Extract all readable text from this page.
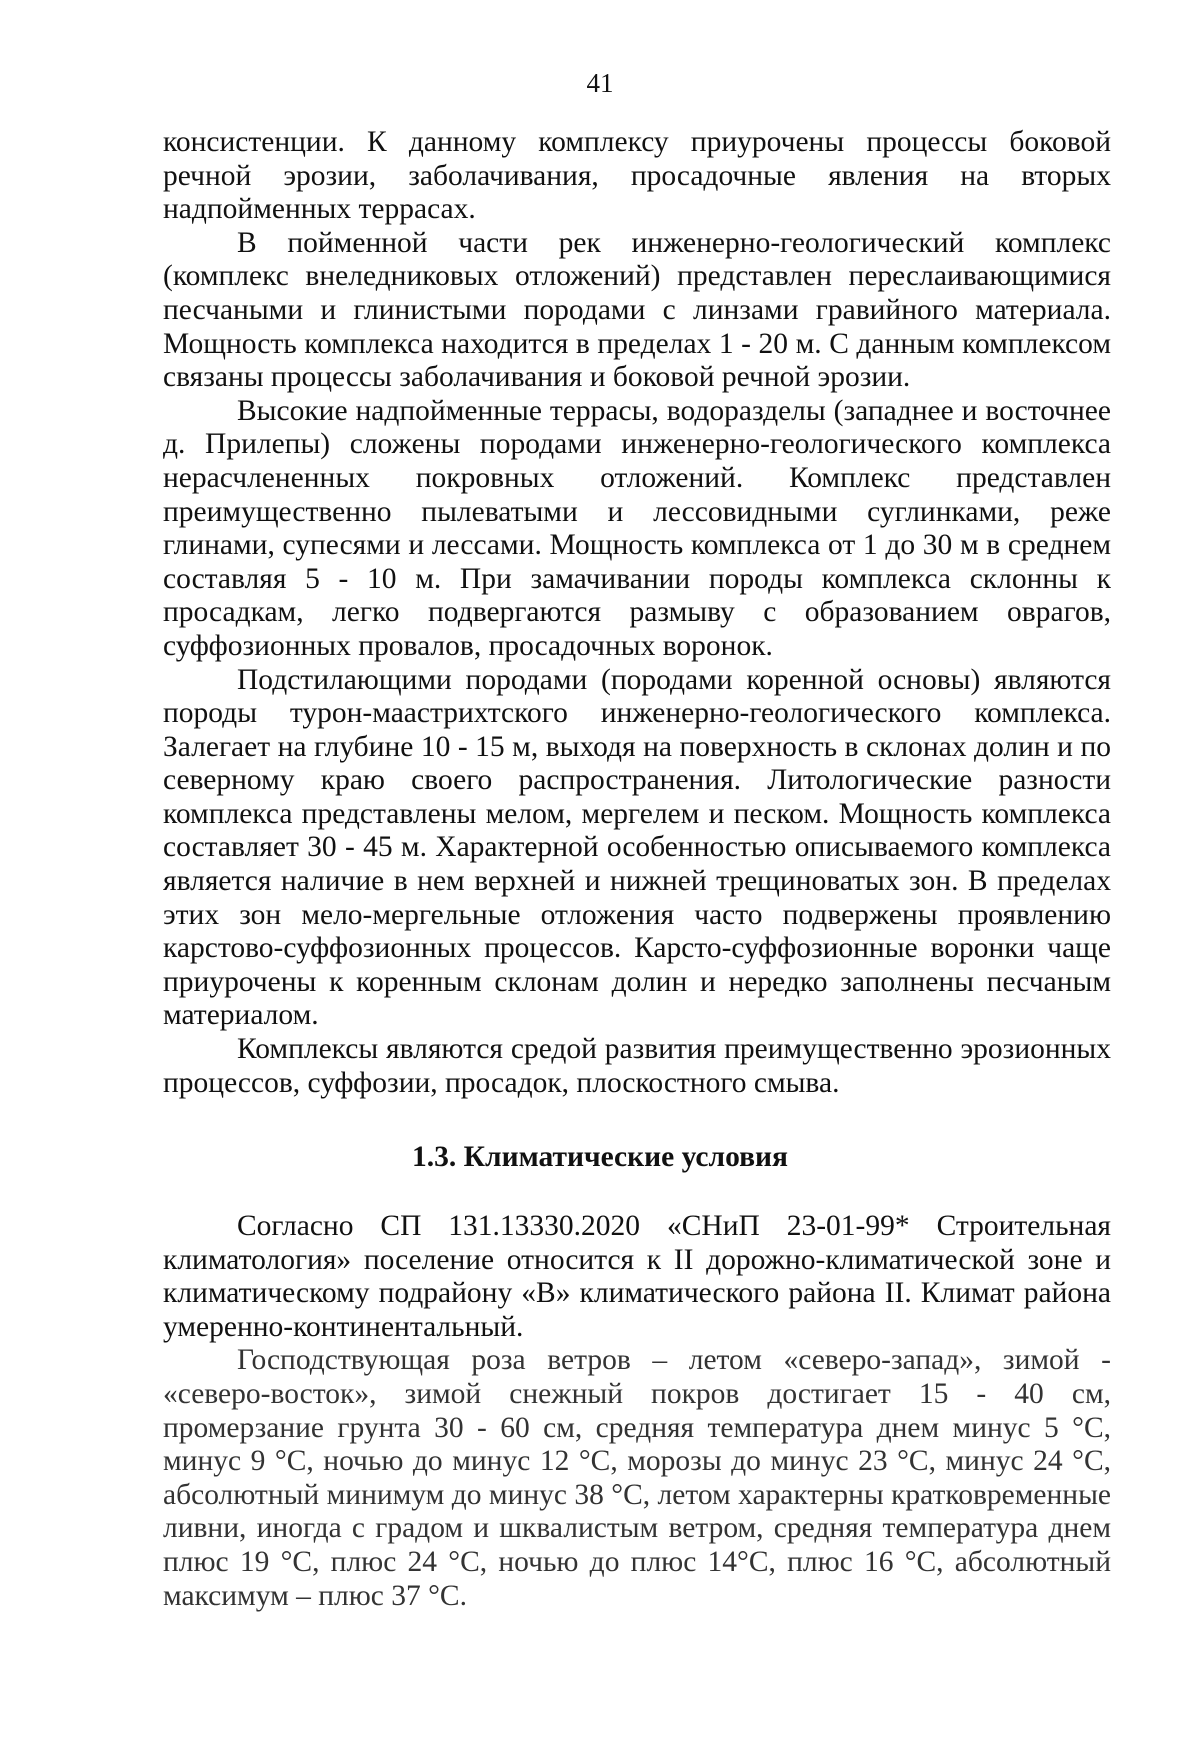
41

консистенции. К данному комплексу приурочены процессы боковой речной эрозии, заболачивания, просадочные явления на вторых надпойменных террасах.

В пойменной части рек инженерно-геологический комплекс (комплекс внеледниковых отложений) представлен переслаивающимися песчаными и глинистыми породами с линзами гравийного материала. Мощность комплекса находится в пределах 1 - 20 м. С данным комплексом связаны процессы заболачивания и боковой речной эрозии.

Высокие надпойменные террасы, водоразделы (западнее и восточнее д. Прилепы) сложены породами инженерно-геологического комплекса нерасчлененных покровных отложений. Комплекс представлен преимущественно пылеватыми и лессовидными суглинками, реже глинами, супесями и лессами. Мощность комплекса от 1 до 30 м в среднем составляя 5 - 10 м. При замачивании породы комплекса склонны к просадкам, легко подвергаются размыву с образованием оврагов, суффозионных провалов, просадочных воронок.

Подстилающими породами (породами коренной основы) являются породы турон-маастрихтского инженерно-геологического комплекса. Залегает на глубине 10 - 15 м, выходя на поверхность в склонах долин и по северному краю своего распространения. Литологические разности комплекса представлены мелом, мергелем и песком. Мощность комплекса составляет 30 - 45 м. Характерной особенностью описываемого комплекса является наличие в нем верхней и нижней трещиноватых зон. В пределах этих зон мело-мергельные отложения часто подвержены проявлению карстово-суффозионных процессов. Карсто-суффозионные воронки чаще приурочены к коренным склонам долин и нередко заполнены песчаным материалом.

Комплексы являются средой развития преимущественно эрозионных процессов, суффозии, просадок, плоскостного смыва.

1.3. Климатические условия

Согласно СП 131.13330.2020 «СНиП 23-01-99* Строительная климатология» поселение относится к II дорожно-климатической зоне и климатическому подрайону «В» климатического района II. Климат района умеренно-континентальный.

Господствующая роза ветров – летом «северо-запад», зимой - «северо-восток», зимой снежный покров достигает 15 - 40 см, промерзание грунта 30 - 60 см, средняя температура днем минус 5 °С, минус 9 °С, ночью до минус 12 °С, морозы до минус 23 °С, минус 24 °С, абсолютный минимум до минус 38 °С, летом характерны кратковременные ливни, иногда с градом и шквалистым ветром, средняя температура днем плюс 19 °С, плюс 24 °С, ночью до плюс 14°С, плюс 16 °С, абсолютный максимум – плюс 37 °С.
